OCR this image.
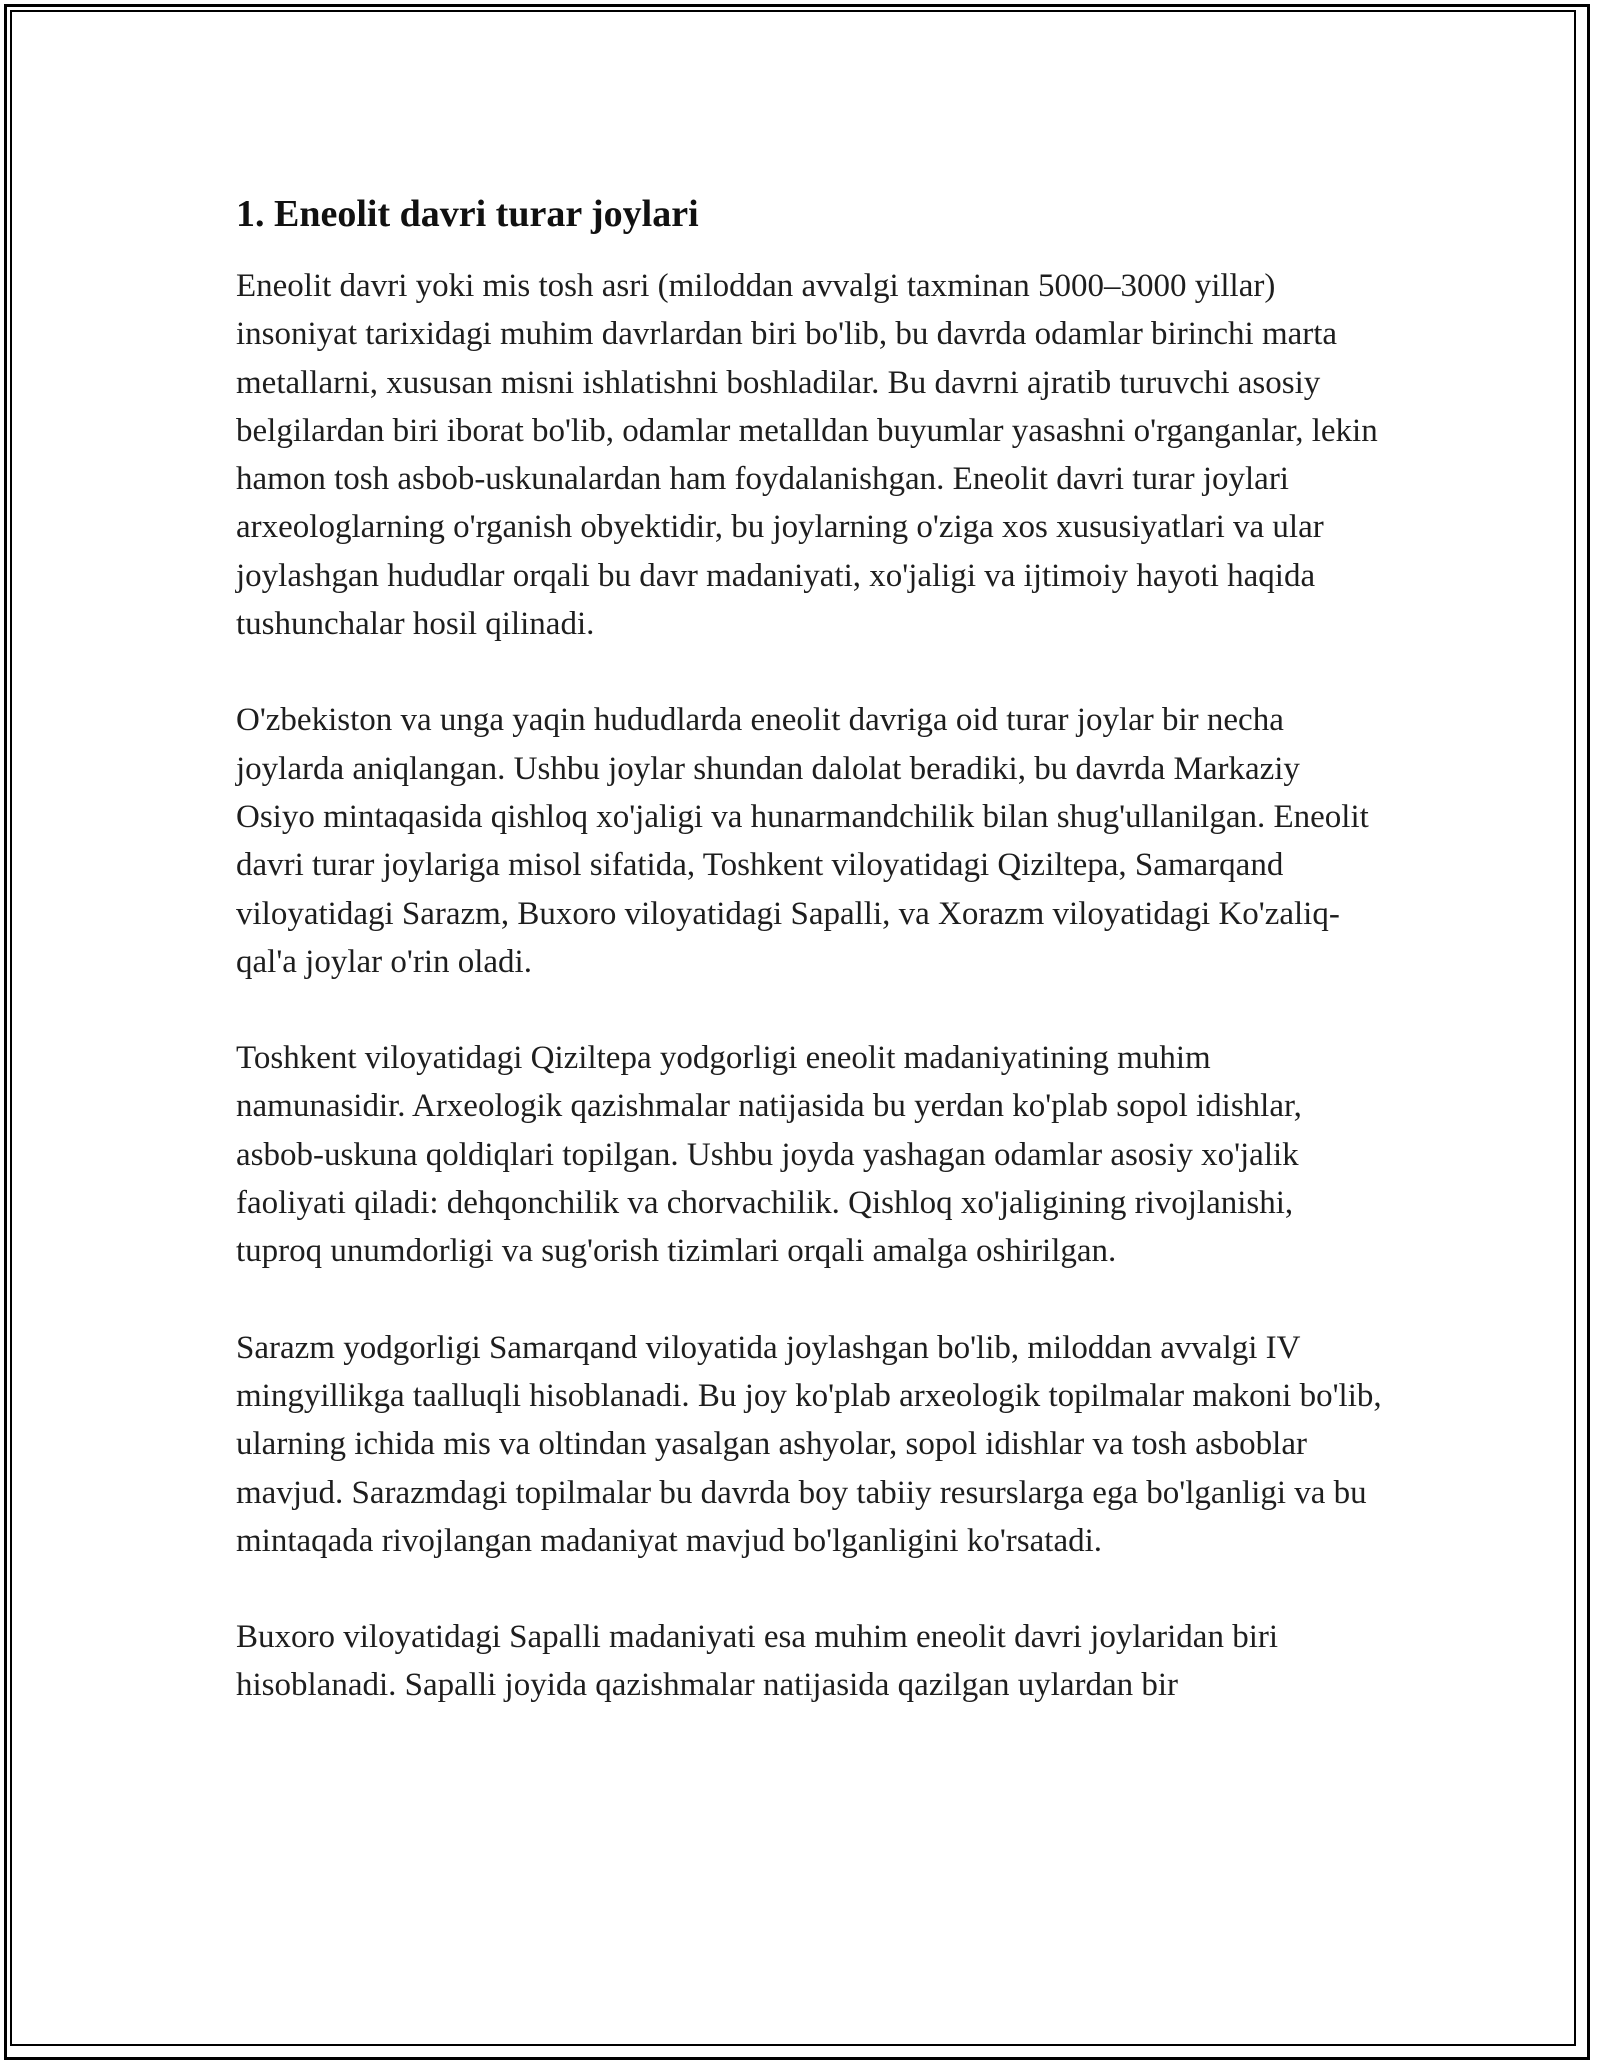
1. Eneolit davri turar joylari

Eneolit davri yoki mis tosh asri (miloddan avvalgi taxminan 5000–3000 yillar) insoniyat tarixidagi muhim davrlardan biri bo'lib, bu davrda odamlar birinchi marta metallarni, xususan misni ishlatishni boshladilar. Bu davrni ajratib turuvchi asosiy belgilardan biri iborat bo'lib, odamlar metalldan buyumlar yasashni o'rganganlar, lekin hamon tosh asbob-uskunalardan ham foydalanishgan. Eneolit davri turar joylari arxeologlarning o'rganish obyektidir, bu joylarning o'ziga xos xususiyatlari va ular joylashgan hududlar orqali bu davr madaniyati, xo'jaligi va ijtimoiy hayoti haqida tushunchalar hosil qilinadi.

O'zbekiston va unga yaqin hududlarda eneolit davriga oid turar joylar bir necha joylarda aniqlangan. Ushbu joylar shundan dalolat beradiki, bu davrda Markaziy Osiyo mintaqasida qishloq xo'jaligi va hunarmandchilik bilan shug'ullanilgan. Eneolit davri turar joylariga misol sifatida, Toshkent viloyatidagi Qiziltepa, Samarqand viloyatidagi Sarazm, Buxoro viloyatidagi Sapalli, va Xorazm viloyatidagi Ko'zaliq-qal'a joylar o'rin oladi.

Toshkent viloyatidagi Qiziltepa yodgorligi eneolit madaniyatining muhim namunasidir. Arxeologik qazishmalar natijasida bu yerdan ko'plab sopol idishlar, asbob-uskuna qoldiqlari topilgan. Ushbu joyda yashagan odamlar asosiy xo'jalik faoliyati qiladi: dehqonchilik va chorvachilik. Qishloq xo'jaligining rivojlanishi, tuproq unumdorligi va sug'orish tizimlari orqali amalga oshirilgan.

Sarazm yodgorligi Samarqand viloyatida joylashgan bo'lib, miloddan avvalgi IV mingyillikga taalluqli hisoblanadi. Bu joy ko'plab arxeologik topilmalar makoni bo'lib, ularning ichida mis va oltindan yasalgan ashyolar, sopol idishlar va tosh asboblar mavjud. Sarazmdagi topilmalar bu davrda boy tabiiy resurslarga ega bo'lganligi va bu mintaqada rivojlangan madaniyat mavjud bo'lganligini ko'rsatadi.

Buxoro viloyatidagi Sapalli madaniyati esa muhim eneolit davri joylaridan biri hisoblanadi. Sapalli joyida qazishmalar natijasida qazilgan uylardan bir
